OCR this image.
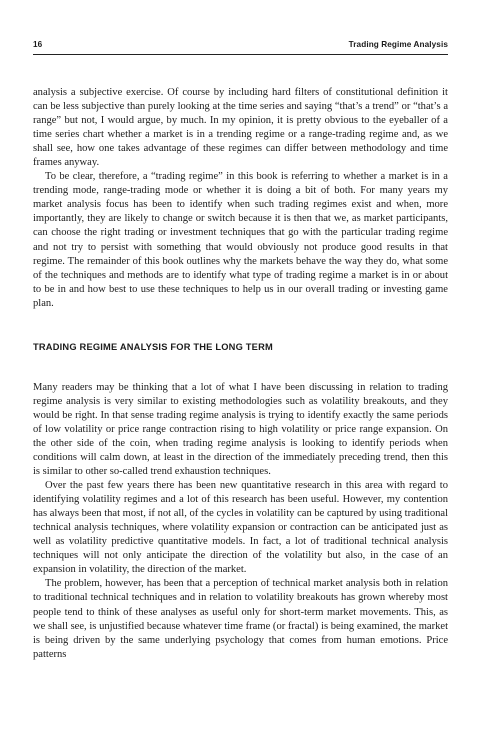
16	Trading Regime Analysis

analysis a subjective exercise. Of course by including hard filters of constitutional definition it can be less subjective than purely looking at the time series and saying “that’s a trend” or “that’s a range” but not, I would argue, by much. In my opinion, it is pretty obvious to the eyeballer of a time series chart whether a market is in a trending regime or a range-trading regime and, as we shall see, how one takes advantage of these regimes can differ between methodology and time frames anyway.

To be clear, therefore, a “trading regime” in this book is referring to whether a market is in a trending mode, range-trading mode or whether it is doing a bit of both. For many years my market analysis focus has been to identify when such trading regimes exist and when, more importantly, they are likely to change or switch because it is then that we, as market participants, can choose the right trading or investment techniques that go with the particular trading regime and not try to persist with something that would obviously not produce good results in that regime. The remainder of this book outlines why the markets behave the way they do, what some of the techniques and methods are to identify what type of trading regime a market is in or about to be in and how best to use these techniques to help us in our overall trading or investing game plan.

TRADING REGIME ANALYSIS FOR THE LONG TERM

Many readers may be thinking that a lot of what I have been discussing in relation to trading regime analysis is very similar to existing methodologies such as volatility breakouts, and they would be right. In that sense trading regime analysis is trying to identify exactly the same periods of low volatility or price range contraction rising to high volatility or price range expansion. On the other side of the coin, when trading regime analysis is looking to identify periods when conditions will calm down, at least in the direction of the immediately preceding trend, then this is similar to other so-called trend exhaustion techniques.

Over the past few years there has been new quantitative research in this area with regard to identifying volatility regimes and a lot of this research has been useful. However, my contention has always been that most, if not all, of the cycles in volatility can be captured by using traditional technical analysis techniques, where volatility expansion or contraction can be anticipated just as well as volatility predictive quantitative models. In fact, a lot of traditional technical analysis techniques will not only anticipate the direction of the volatility but also, in the case of an expansion in volatility, the direction of the market.

The problem, however, has been that a perception of technical market analysis both in relation to traditional technical techniques and in relation to volatility breakouts has grown whereby most people tend to think of these analyses as useful only for short-term market movements. This, as we shall see, is unjustified because whatever time frame (or fractal) is being examined, the market is being driven by the same underlying psychology that comes from human emotions. Price patterns
